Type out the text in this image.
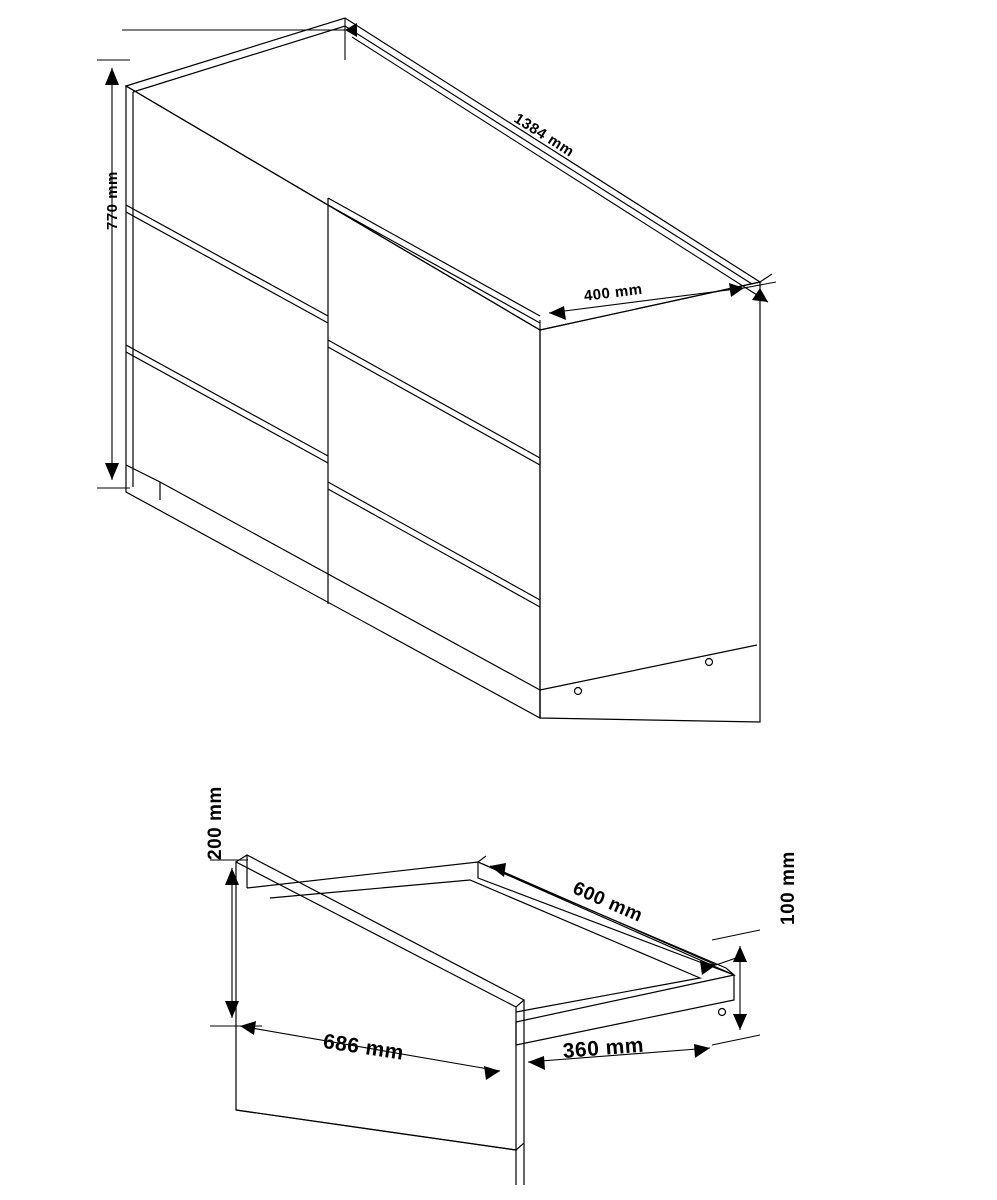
1384 mm
400 mm
770 mm
200 mm
686 mm
600 mm
360 mm
100 mm
